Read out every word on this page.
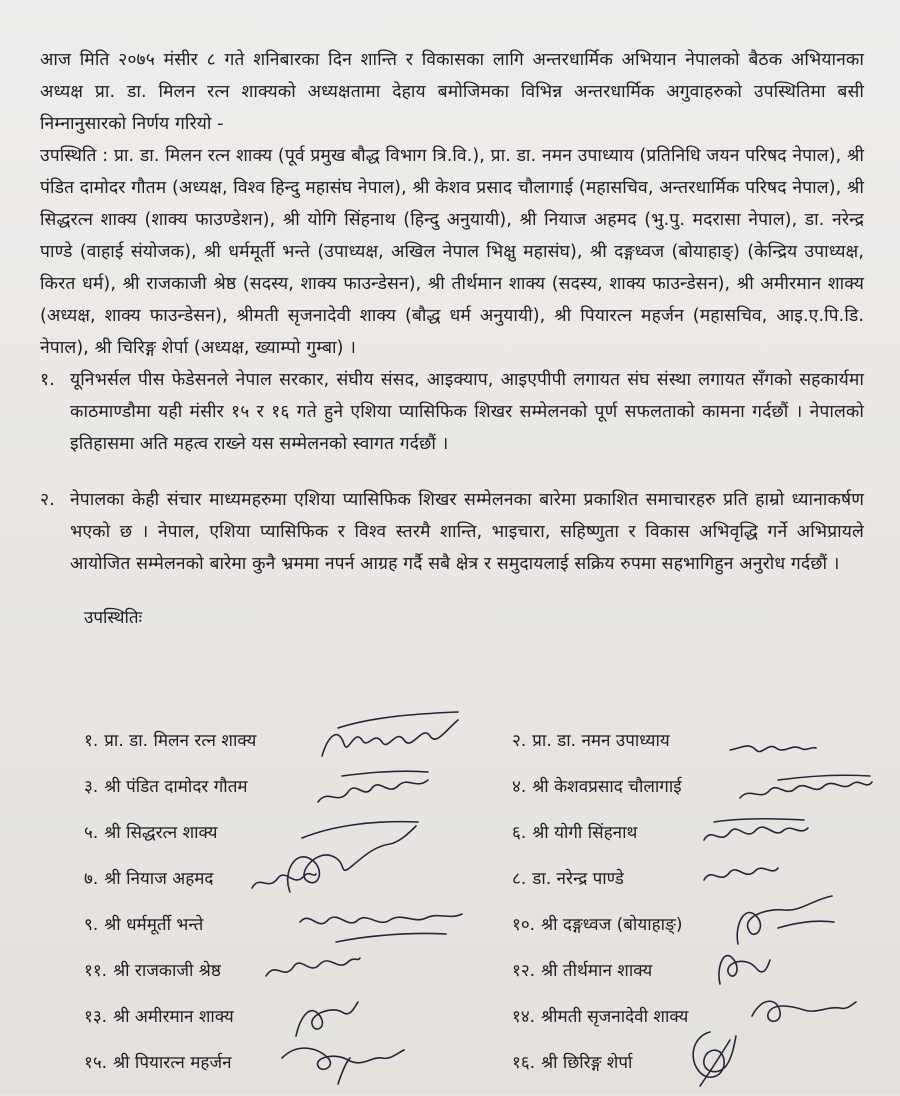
आज मिति २०७५ मंसीर ८ गते शनिबारका दिन शान्ति र विकासका लागि अन्तरधार्मिक अभियान नेपालको बैठक अभियानका अध्यक्ष प्रा. डा. मिलन रत्न शाक्यको अध्यक्षतामा देहाय बमोजिमका विभिन्न अन्तरधार्मिक अगुवाहरुको उपस्थितिमा बसी निम्नानुसारको निर्णय गरियो -

उपस्थिति : प्रा. डा. मिलन रत्न शाक्य (पूर्व प्रमुख बौद्ध विभाग त्रि.वि.), प्रा. डा. नमन उपाध्याय (प्रतिनिधि जयन परिषद नेपाल), श्री पंडित दामोदर गौतम (अध्यक्ष, विश्व हिन्दु महासंघ नेपाल), श्री केशव प्रसाद चौलागाई (महासचिव, अन्तरधार्मिक परिषद नेपाल), श्री सिद्धरत्न शाक्य (शाक्य फाउण्डेशन), श्री योगि सिंहनाथ (हिन्दु अनुयायी), श्री नियाज अहमद (भु.पु. मदरासा नेपाल), डा. नरेन्द्र पाण्डे (वाहाई संयोजक), श्री धर्ममूर्ती भन्ते (उपाध्यक्ष, अखिल नेपाल भिक्षु महासंघ), श्री दङ्गध्वज (बोयाहाङ्) (केन्द्रिय उपाध्यक्ष, किरत धर्म), श्री राजकाजी श्रेष्ठ (सदस्य, शाक्य फाउन्डेसन), श्री तीर्थमान शाक्य (सदस्य, शाक्य फाउन्डेसन), श्री अमीरमान शाक्य (अध्यक्ष, शाक्य फाउन्डेसन), श्रीमती सृजनादेवी शाक्य (बौद्ध धर्म अनुयायी), श्री पियारत्न महर्जन (महासचिव, आइ.ए.पि.डि. नेपाल), श्री चिरिङ्ग शेर्पा (अध्यक्ष, ख्याम्पो गुम्बा) ।

१. यूनिभर्सल पीस फेडेसनले नेपाल सरकार, संघीय संसद, आइक्याप, आइएपीपी लगायत संघ संस्था लगायत सँगको सहकार्यमा काठमाण्डौमा यही मंसीर १५ र १६ गते हुने एशिया प्यासिफिक शिखर सम्मेलनको पूर्ण सफलताको कामना गर्दछौं । नेपालको इतिहासमा अति महत्व राख्ने यस सम्मेलनको स्वागत गर्दछौं ।

२. नेपालका केही संचार माध्यमहरुमा एशिया प्यासिफिक शिखर सम्मेलनका बारेमा प्रकाशित समाचारहरु प्रति हाम्रो ध्यानाकर्षण भएको छ । नेपाल, एशिया प्यासिफिक र विश्व स्तरमै शान्ति, भाइचारा, सहिष्णुता र विकास अभिवृद्धि गर्ने अभिप्रायले आयोजित सम्मेलनको बारेमा कुनै भ्रममा नपर्न आग्रह गर्दै सबै क्षेत्र र समुदायलाई सक्रिय रुपमा सहभागिहुन अनुरोध गर्दछौं ।

उपस्थितिः
१. प्रा. डा. मिलन रत्न शाक्य	२. प्रा. डा. नमन उपाध्याय
३. श्री पंडित दामोदर गौतम	४. श्री केशवप्रसाद चौलागाई
५. श्री सिद्धरत्न शाक्य	६. श्री योगी सिंहनाथ
७. श्री नियाज अहमद	८. डा. नरेन्द्र पाण्डे
९. श्री धर्ममूर्ती भन्ते	१०. श्री दङ्गध्वज (बोयाहाङ्)
११. श्री राजकाजी श्रेष्ठ	१२. श्री तीर्थमान शाक्य
१३. श्री अमीरमान शाक्य	१४. श्रीमती सृजनादेवी शाक्य
१५. श्री पियारत्न महर्जन	१६. श्री छिरिङ्ग शेर्पा
